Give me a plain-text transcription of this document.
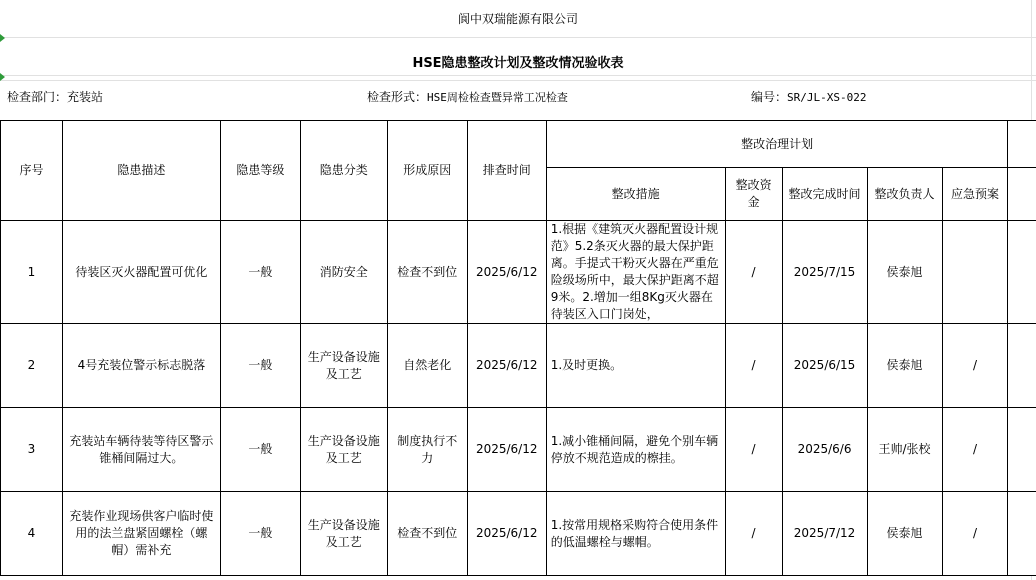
阆中双瑞能源有限公司
HSE隐患整改计划及整改情况验收表
检查部门：充装站	检查形式：HSE周检检查暨异常工况检查	编号：SR/JL-XS-022
序号	隐患描述	隐患等级	隐患分类	形成原因	排查时间	整改治理计划					
						整改措施	整改资金	整改完成时间	整改负责人	应急预案	
1	待装区灭火器配置可优化	一般	消防安全	检查不到位	2025/6/12	1.根据《建筑灭火器配置设计规范》5.2条灭火器的最大保护距离。手提式干粉灭火器在严重危险级场所中，最大保护距离不超9米。2.增加一组8Kg灭火器在待装区入口门岗处，	/	2025/7/15	侯泰旭		
2	4号充装位警示标志脱落	一般	生产设备设施及工艺	自然老化	2025/6/12	1.及时更换。	/	2025/6/15	侯泰旭	/	
3	充装站车辆待装等待区警示锥桶间隔过大。	一般	生产设备设施及工艺	制度执行不力	2025/6/12	1.减小锥桶间隔，避免个别车辆停放不规范造成的檫挂。	/	2025/6/6	王帅/张校	/	
4	充装作业现场供客户临时使用的法兰盘紧固螺栓（螺帽）需补充	一般	生产设备设施及工艺	检查不到位	2025/6/12	1.按常用规格采购符合使用条件的低温螺栓与螺帽。	/	2025/7/12	侯泰旭	/	
